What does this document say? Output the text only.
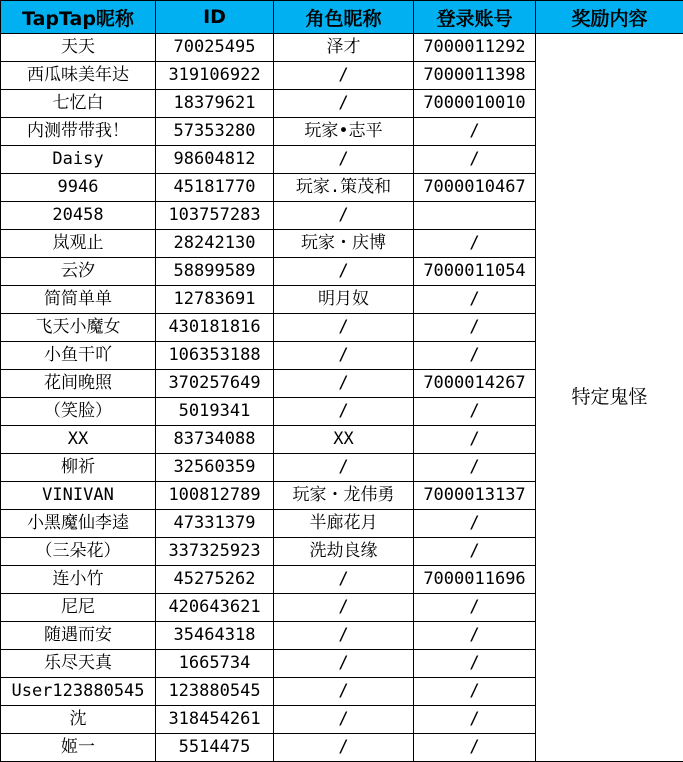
TapTap昵称	ID	角色昵称	登录账号	奖励内容
天天	70025495	泽才	7000011292	特定鬼怪
西瓜味美年达	319106922	/	7000011398	
七忆白	18379621	/	7000010010	
内测带带我！	57353280	玩家•志平	/	
Daisy	98604812	/	/	
9946	45181770	玩家.策茂和	7000010467	
20458	103757283	/		
岚观止	28242130	玩家・庆博	/	
云汐	58899589	/	7000011054	
简简单单	12783691	明月奴	/	
飞天小魔女	430181816	/	/	
小鱼干吖	106353188	/	/	
花间晚照	370257649	/	7000014267	
（笑脸）	5019341	/	/	
XX	83734088	XX	/	
柳祈	32560359	/	/	
VINIVAN	100812789	玩家・龙伟勇	7000013137	
小黑魔仙李逵	47331379	半廊花月	/	
（三朵花）	337325923	洗劫良缘	/	
连小竹	45275262	/	7000011696	
尼尼	420643621	/	/	
随遇而安	35464318	/	/	
乐尽天真	1665734	/	/	
User123880545	123880545	/	/	
沈	318454261	/	/	
姬一	5514475	/	/	
